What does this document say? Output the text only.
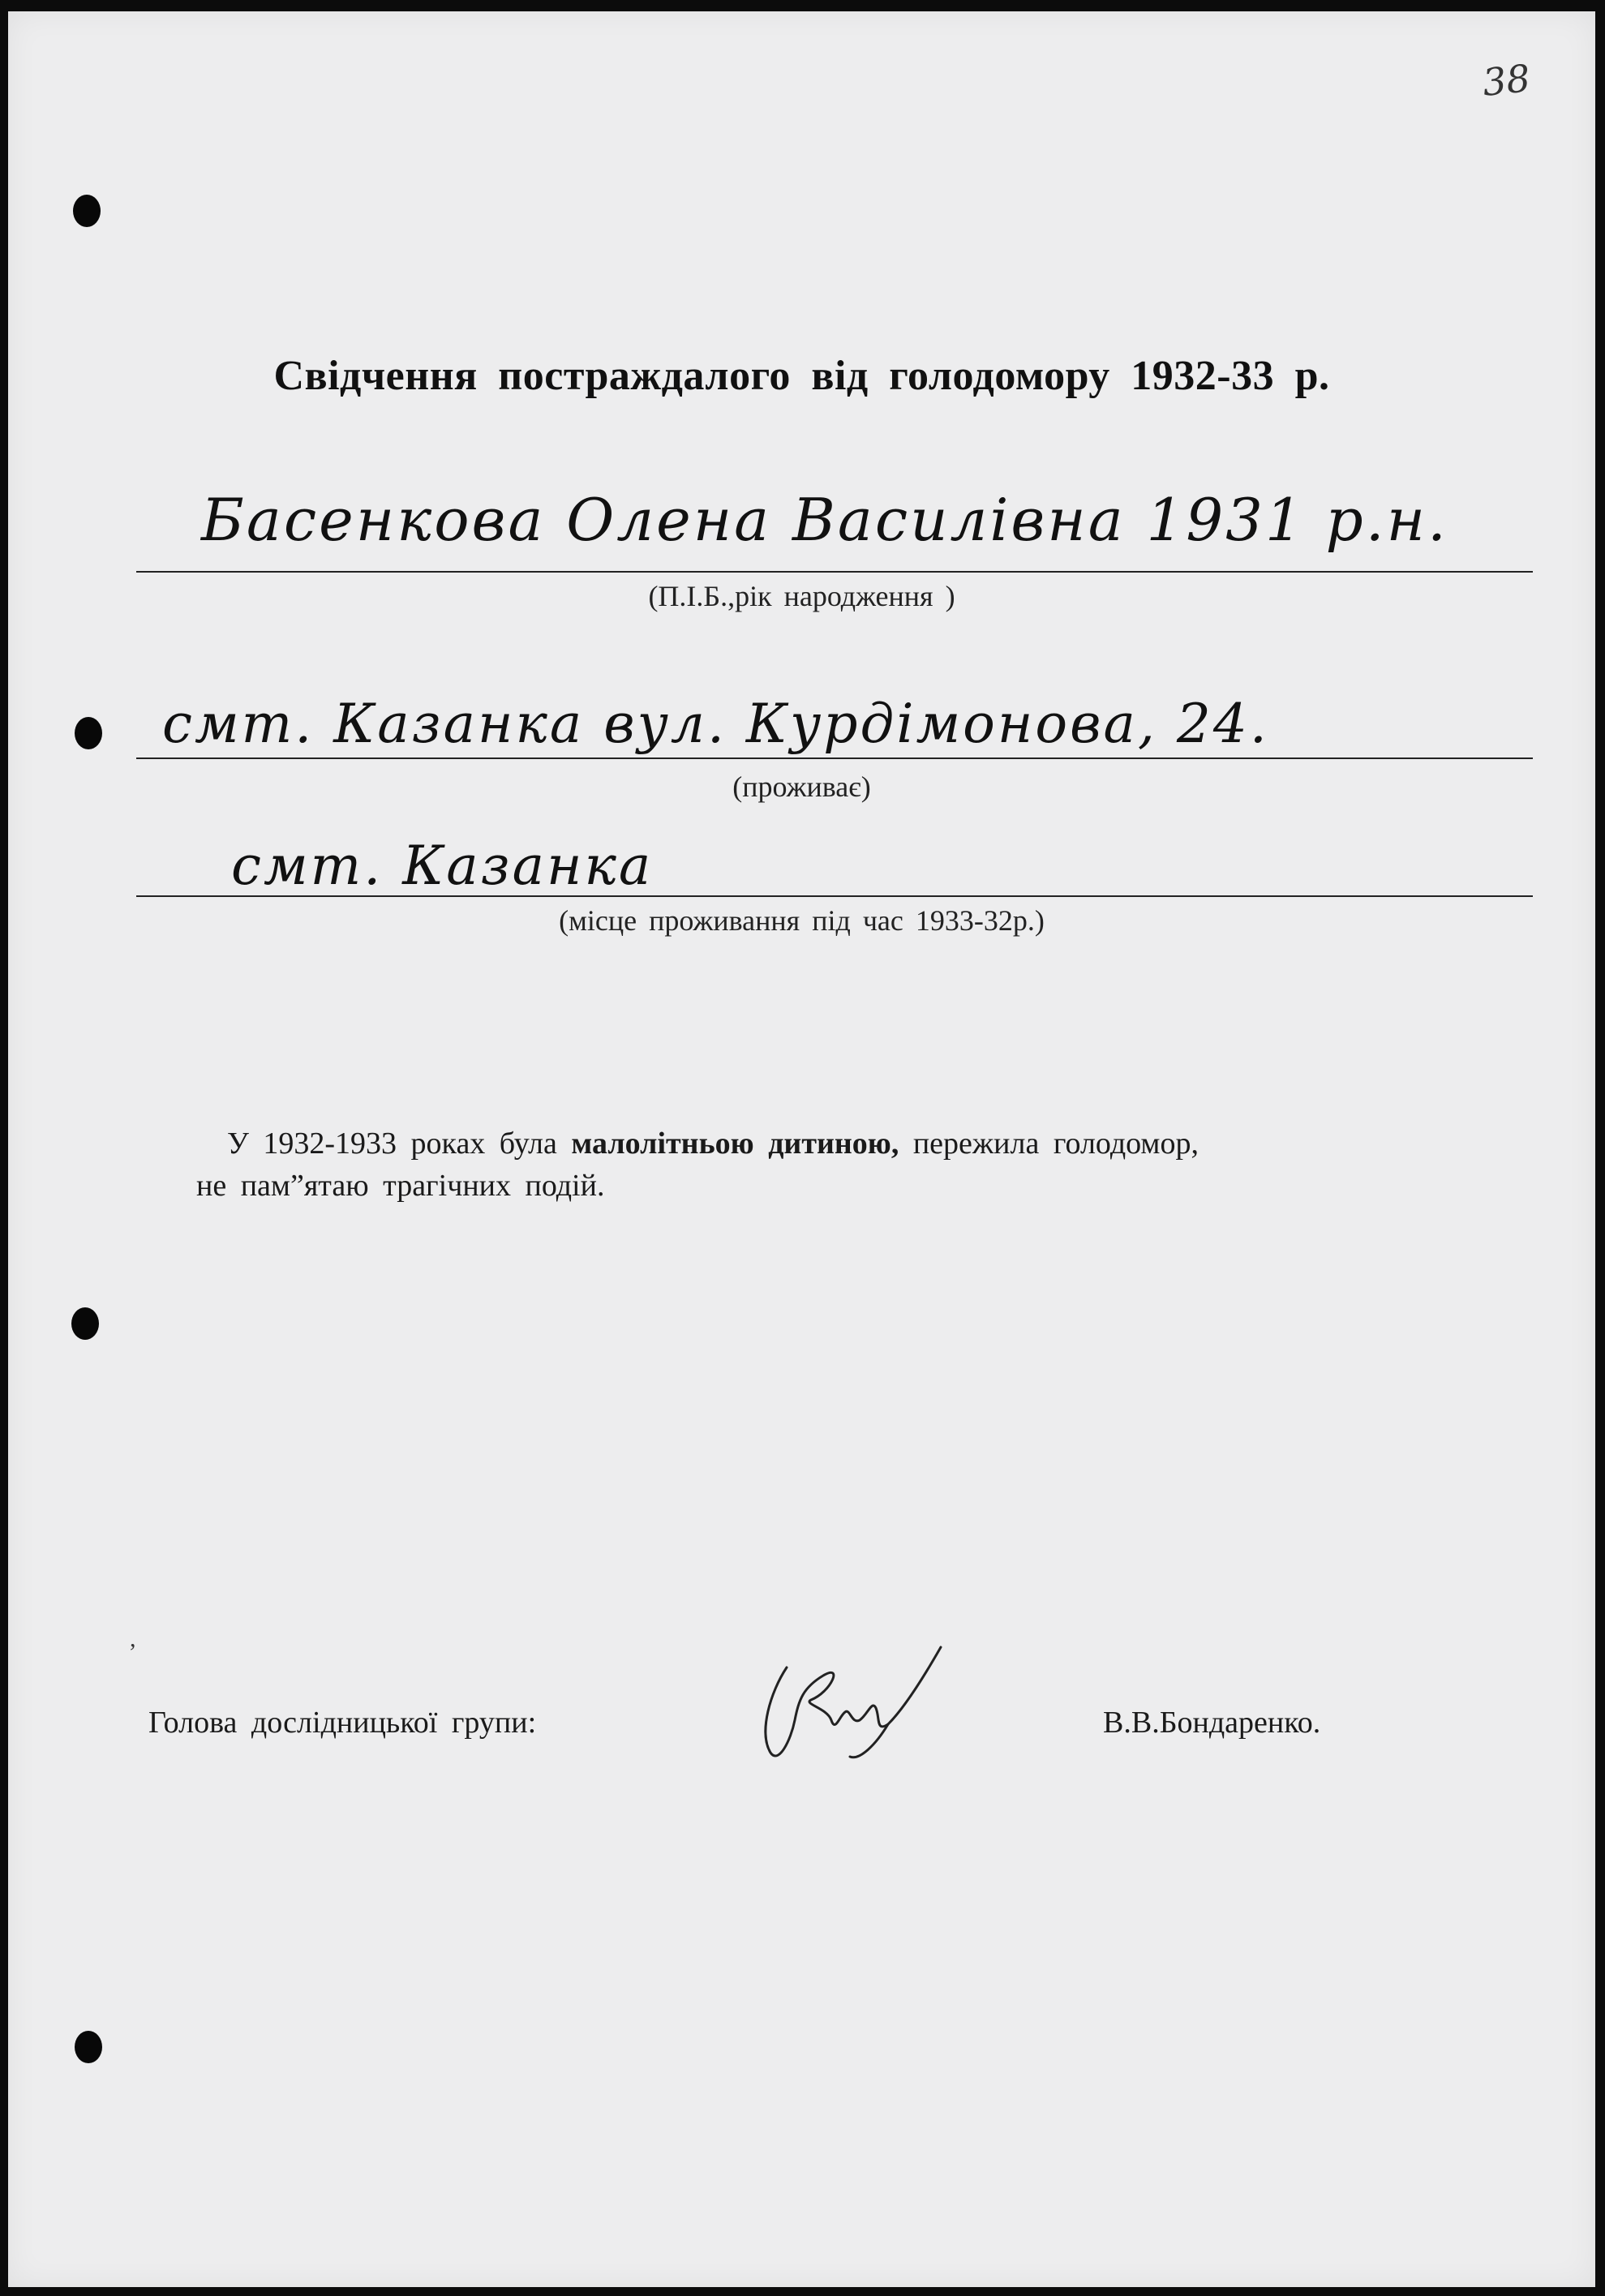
38
Свідчення постраждалого від голодомору 1932-33 р.
Басенкова Олена Василівна 1931 р.н.
(П.І.Б.,рік народження )
смт. Казанка вул. Курдімонова, 24.
(проживає)
смт. Казанка
(місце проживання під час 1933-32р.)
У 1932-1933 роках була малолітньою дитиною, пережила голодомор,
не пам”ятаю трагічних подій.
,
Голова дослідницької групи:	В.В.Бондаренко.
